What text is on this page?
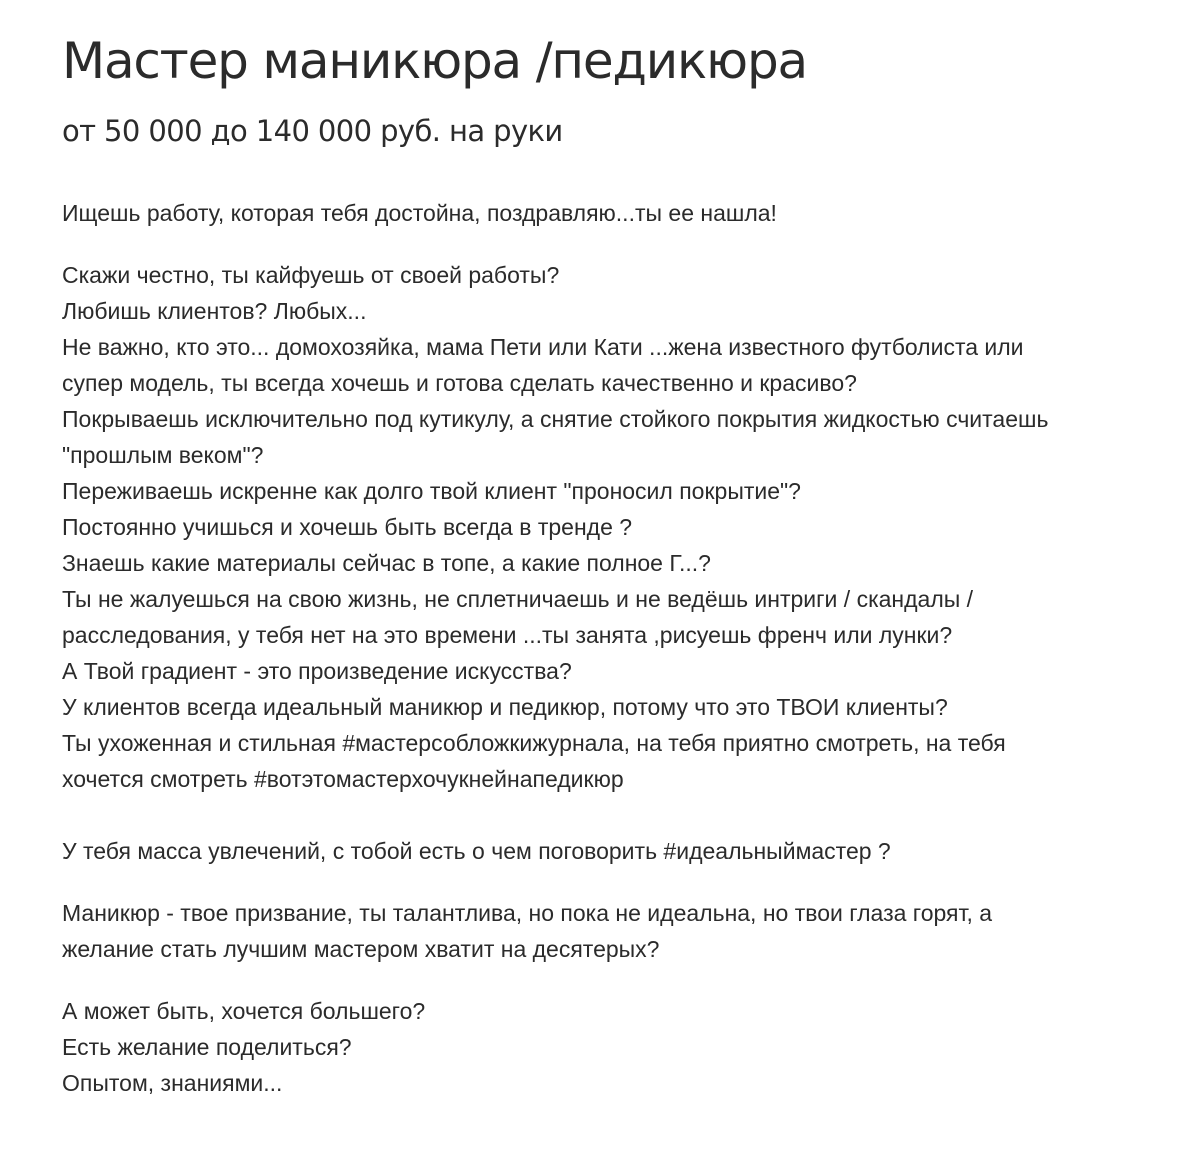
Мастер маникюра /педикюра
от 50 000 до 140 000 руб. на руки

Ищешь работу, которая тебя достойна, поздравляю...ты ее нашла!

Скажи честно, ты кайфуешь от своей работы?
Любишь клиентов? Любых...
Не важно, кто это... домохозяйка, мама Пети или Кати ...жена известного футболиста или
супер модель, ты всегда хочешь и готова сделать качественно и красиво?
Покрываешь исключительно под кутикулу, а снятие стойкого покрытия жидкостью считаешь
"прошлым веком"?
Переживаешь искренне как долго твой клиент "проносил покрытие"?
Постоянно учишься и хочешь быть всегда в тренде ?
Знаешь какие материалы сейчас в топе, а какие полное Г...?
Ты не жалуешься на свою жизнь, не сплетничаешь и не ведёшь интриги / скандалы /
расследования, у тебя нет на это времени ...ты занята ,рисуешь френч или лунки?
А Твой градиент - это произведение искусства?
У клиентов всегда идеальный маникюр и педикюр, потому что это ТВОИ клиенты?
Ты ухоженная и стильная #мастерсобложкижурнала, на тебя приятно смотреть, на тебя
хочется смотреть #вотэтомастерхочукнейнапедикюр

У тебя масса увлечений, с тобой есть о чем поговорить #идеальныймастер ?

Маникюр - твое призвание, ты талантлива, но пока не идеальна, но твои глаза горят, а
желание стать лучшим мастером хватит на десятерых?

А может быть, хочется большего?
Есть желание поделиться?
Опытом, знаниями...
